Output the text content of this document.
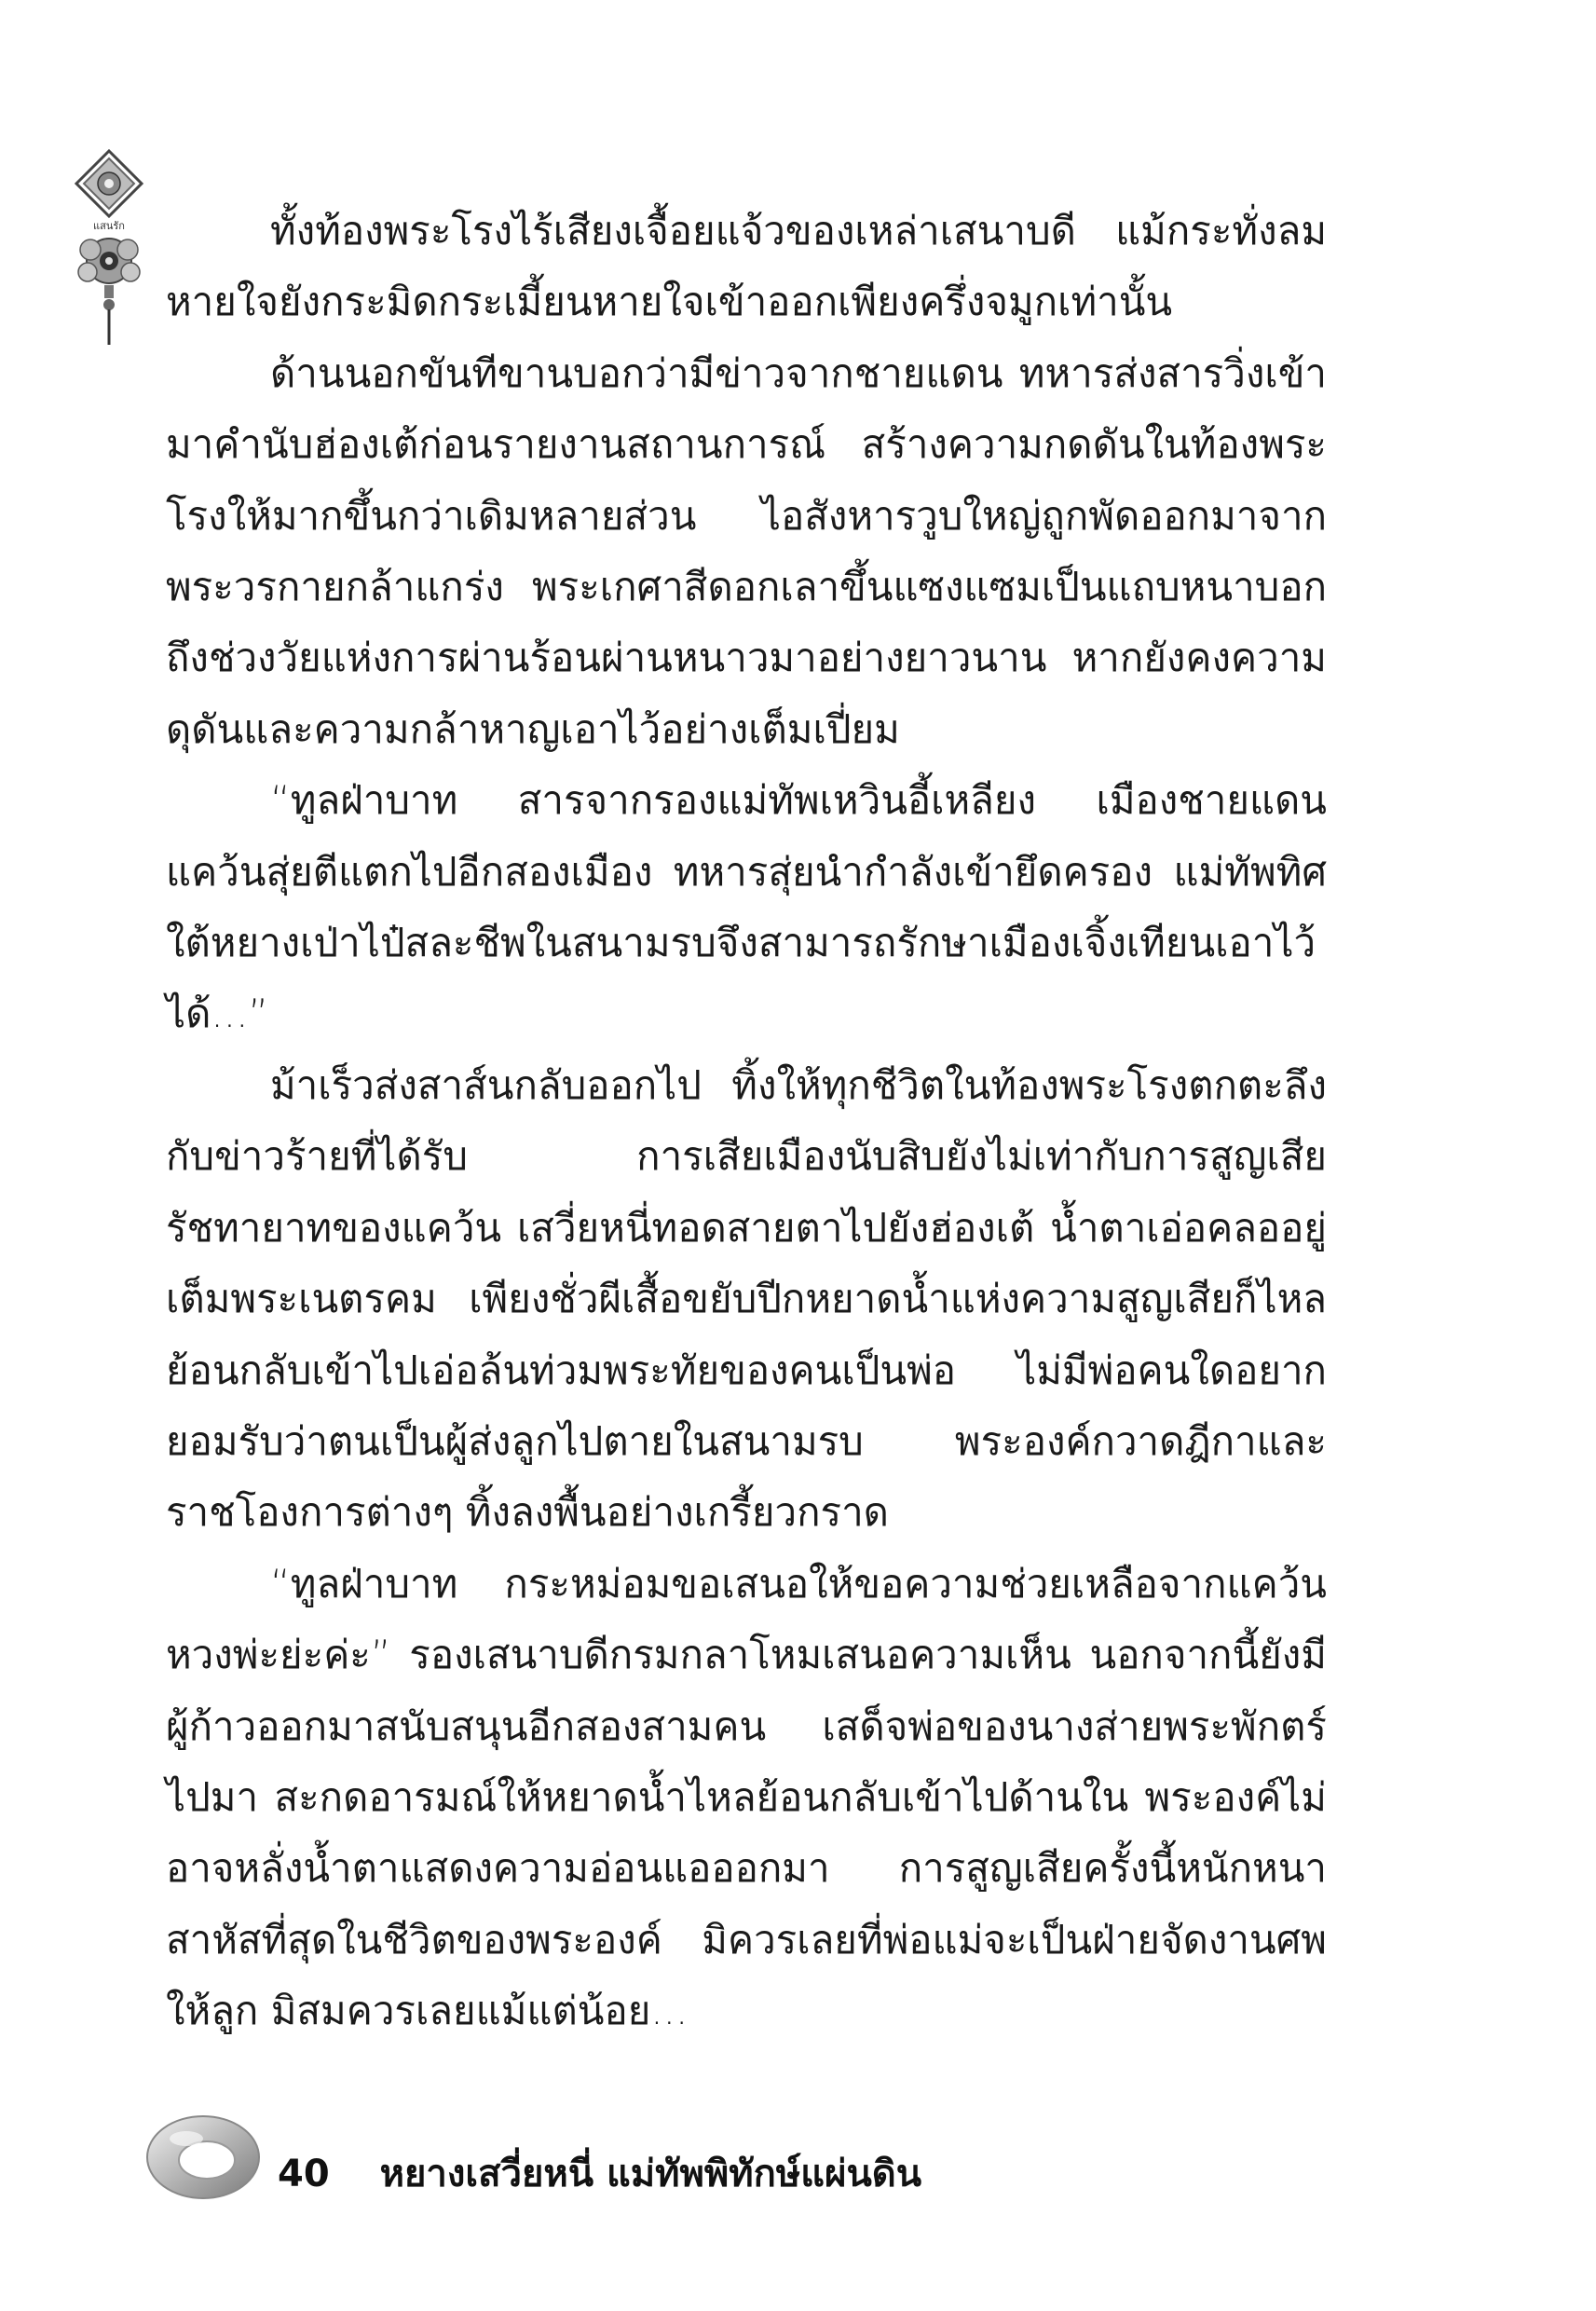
แสนรัก	ทั้งท้องพระโรงไร้เสียงเจื้อยแจ้วของเหล่าเสนาบดี แม้กระทั่งลมหายใจยังกระมิดกระเมี้ยนหายใจเข้าออกเพียงครึ่งจมูกเท่านั้น

ด้านนอกขันทีขานบอกว่ามีข่าวจากชายแดน ทหารส่งสารวิ่งเข้ามาคำนับฮ่องเต้ก่อนรายงานสถานการณ์ สร้างความกดดันในท้องพระโรงให้มากขึ้นกว่าเดิมหลายส่วน ไอสังหารวูบใหญ่ถูกพัดออกมาจากพระวรกายกล้าแกร่ง พระเกศาสีดอกเลาขึ้นแซงแซมเป็นแถบหนาบอกถึงช่วงวัยแห่งการผ่านร้อนผ่านหนาวมาอย่างยาวนาน หากยังคงความดุดันและความกล้าหาญเอาไว้อย่างเต็มเปี่ยม

“ทูลฝ่าบาท สารจากรองแม่ทัพเหวินอี้เหลียง เมืองชายแดนแคว้นสุ่ยตีแตกไปอีกสองเมือง ทหารสุ่ยนำกำลังเข้ายึดครอง แม่ทัพทิศใต้หยางเป่าไป๋สละชีพในสนามรบจึงสามารถรักษาเมืองเจิ้งเทียนเอาไว้ได้...”

ม้าเร็วส่งสาส์นกลับออกไป ทิ้งให้ทุกชีวิตในท้องพระโรงตกตะลึงกับข่าวร้ายที่ได้รับ การเสียเมืองนับสิบยังไม่เท่ากับการสูญเสียรัชทายาทของแคว้น เสวี่ยหนี่ทอดสายตาไปยังฮ่องเต้ น้ำตาเอ่อคลออยู่เต็มพระเนตรคม เพียงชั่วผีเสื้อขยับปีกหยาดน้ำแห่งความสูญเสียก็ไหลย้อนกลับเข้าไปเอ่อล้นท่วมพระทัยของคนเป็นพ่อ ไม่มีพ่อคนใดอยากยอมรับว่าตนเป็นผู้ส่งลูกไปตายในสนามรบ พระองค์กวาดฎีกาและราชโองการต่างๆ ทิ้งลงพื้นอย่างเกรี้ยวกราด

“ทูลฝ่าบาท กระหม่อมขอเสนอให้ขอความช่วยเหลือจากแคว้นหวงพ่ะย่ะค่ะ” รองเสนาบดีกรมกลาโหมเสนอความเห็น นอกจากนี้ยังมีผู้ก้าวออกมาสนับสนุนอีกสองสามคน เสด็จพ่อของนางส่ายพระพักตร์ไปมา สะกดอารมณ์ให้หยาดน้ำไหลย้อนกลับเข้าไปด้านใน พระองค์ไม่อาจหลั่งน้ำตาแสดงความอ่อนแอออกมา การสูญเสียครั้งนี้หนักหนาสาหัสที่สุดในชีวิตของพระองค์ มิควรเลยที่พ่อแม่จะเป็นฝ่ายจัดงานศพให้ลูก มิสมควรเลยแม้แต่น้อย...

40 หยางเสวี่ยหนี่ แม่ทัพพิทักษ์แผ่นดิน
